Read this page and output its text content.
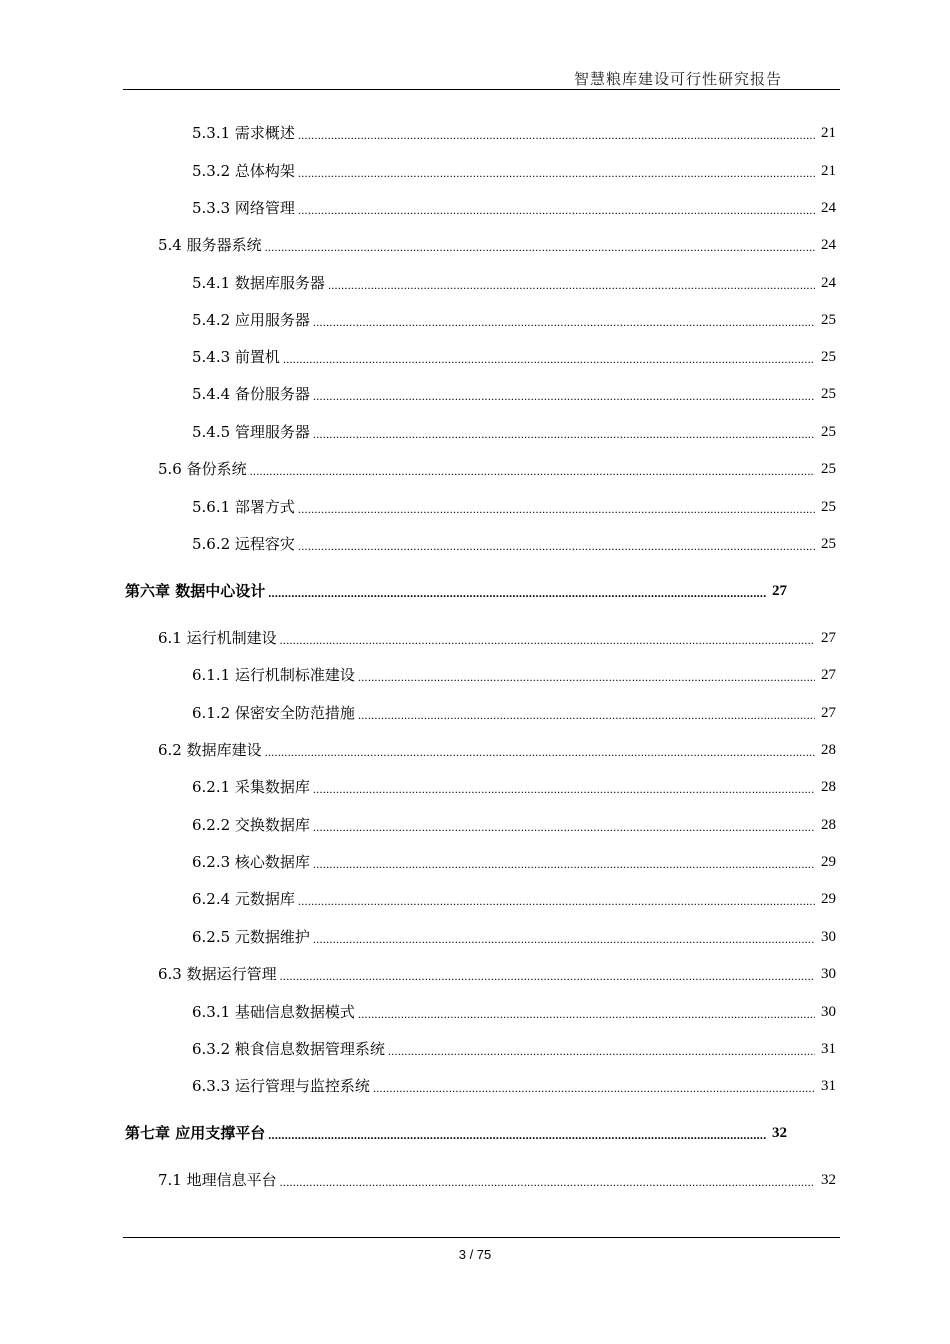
智慧粮库建设可行性研究报告
5.3.1 需求概述 .....	21
5.3.2 总体构架 .....	21
5.3.3 网络管理 .....	24
5.4 服务器系统 .....	24
5.4.1 数据库服务器 .....	24
5.4.2 应用服务器 .....	25
5.4.3 前置机 .....	25
5.4.4 备份服务器 .....	25
5.4.5 管理服务器 .....	25
5.6 备份系统 .....	25
5.6.1 部署方式 .....	25
5.6.2 远程容灾 .....	25
第六章 数据中心设计 .....	27
6.1 运行机制建设 .....	27
6.1.1 运行机制标准建设 .....	27
6.1.2 保密安全防范措施 .....	27
6.2 数据库建设 .....	28
6.2.1 采集数据库 .....	28
6.2.2 交换数据库 .....	28
6.2.3 核心数据库 .....	29
6.2.4 元数据库 .....	29
6.2.5 元数据维护 .....	30
6.3 数据运行管理 .....	30
6.3.1 基础信息数据模式 .....	30
6.3.2 粮食信息数据管理系统 .....	31
6.3.3 运行管理与监控系统 .....	31
第七章 应用支撑平台 .....	32
7.1 地理信息平台 .....	32
3 / 75
